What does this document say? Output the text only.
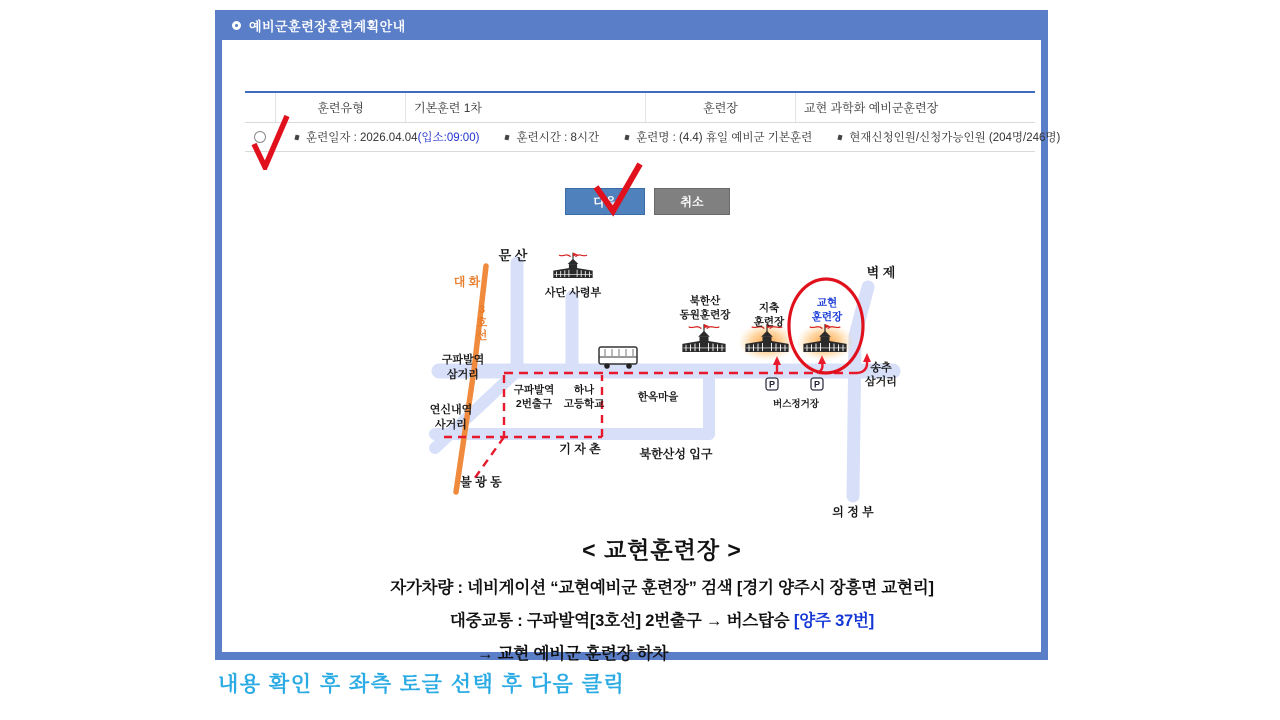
예비군훈련장훈련계획안내
훈련유형	기본훈련 1차	훈련장	교현 과학화 예비군훈련장
훈련일자 : 2026.04.04 (입소:09:00)	훈련시간 : 8시간	훈련명 : (4.4) 휴일 예비군 기본훈련	현재신청인원/신청가능인원 (204명/246명)
다음	취소
P	P
문 산
대 화
3 호 선
사단 사령부
구파발역 삼거리
연신내역 사거리
구파발역 2번출구
하나 고등학교
한옥마을
기 자 촌	북한산성 입구
불 광 동
의 정 부
벽 제
북한산 동원훈련장
지축 훈련장
교현 훈련장
송추 삼거리
버스정거장
< 교현훈련장 >
자가차량 : 네비게이션 “교현예비군 훈련장” 검색 [경기 양주시 장흥면 교현리]
대중교통 : 구파발역[3호선] 2번출구 → 버스탑승 [양주 37번]
→ 교현 예비군 훈련장 하차
내용 확인 후 좌측 토글 선택 후 다음 클릭
